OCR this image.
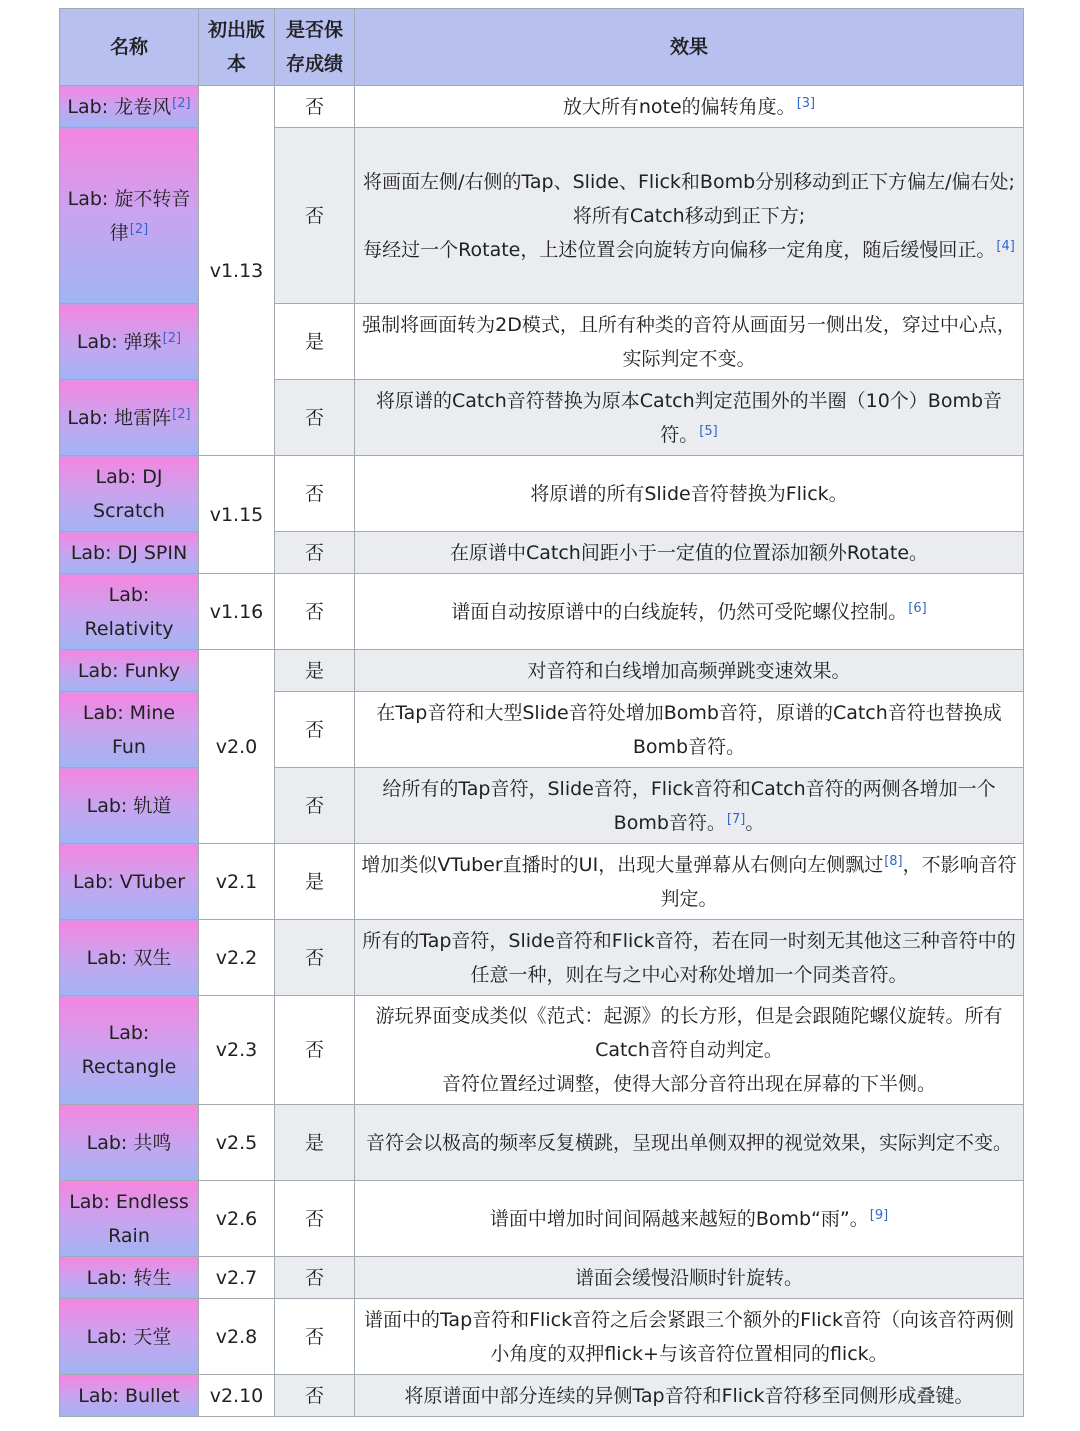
名称	初出版本	是否保存成绩	效果
Lab: 龙卷风[2]	v1.13	否	放大所有note的偏转角度。[3]

Lab: 旋不转音律[2]		否	将画面左侧/右侧的Tap、Slide、Flick和Bomb分别移动到正下方偏左/偏右处;
将所有Catch移动到正下方;
每经过一个Rotate，上述位置会向旋转方向偏移一定角度，随后缓慢回正。[4]

Lab: 弹珠[2]		是	强制将画面转为2D模式，且所有种类的音符从画面另一侧出发，穿过中心点，实际判定不变。

Lab: 地雷阵[2]		否	将原谱的Catch音符替换为原本Catch判定范围外的半圈（10个）Bomb音符。[5]

Lab: DJ Scratch	v1.15	否	将原谱的所有Slide音符替换为Flick。

Lab: DJ SPIN		否	在原谱中Catch间距小于一定值的位置添加额外Rotate。

Lab: Relativity	v1.16	否	谱面自动按原谱中的白线旋转，仍然可受陀螺仪控制。[6]

Lab: Funky	v2.0	是	对音符和白线增加高频弹跳变速效果。

Lab: Mine Fun		否	在Tap音符和大型Slide音符处增加Bomb音符，原谱的Catch音符也替换成Bomb音符。

Lab: 轨道		否	给所有的Tap音符，Slide音符，Flick音符和Catch音符的两侧各增加一个Bomb音符。[7]。

Lab: VTuber	v2.1	是	增加类似VTuber直播时的UI，出现大量弹幕从右侧向左侧飘过[8]，不影响音符判定。

Lab: 双生	v2.2	否	所有的Tap音符，Slide音符和Flick音符，若在同一时刻无其他这三种音符中的任意一种，则在与之中心对称处增加一个同类音符。

Lab: Rectangle	v2.3	否	游玩界面变成类似《范式：起源》的长方形，但是会跟随陀螺仪旋转。所有Catch音符自动判定。
音符位置经过调整，使得大部分音符出现在屏幕的下半侧。

Lab: 共鸣	v2.5	是	音符会以极高的频率反复横跳，呈现出单侧双押的视觉效果，实际判定不变。

Lab: Endless Rain	v2.6	否	谱面中增加时间间隔越来越短的Bomb“雨”。[9]

Lab: 转生	v2.7	否	谱面会缓慢沿顺时针旋转。

Lab: 天堂	v2.8	否	谱面中的Tap音符和Flick音符之后会紧跟三个额外的Flick音符（向该音符两侧小角度的双押flick+与该音符位置相同的flick。

Lab: Bullet	v2.10	否	将原谱面中部分连续的异侧Tap音符和Flick音符移至同侧形成叠键。
